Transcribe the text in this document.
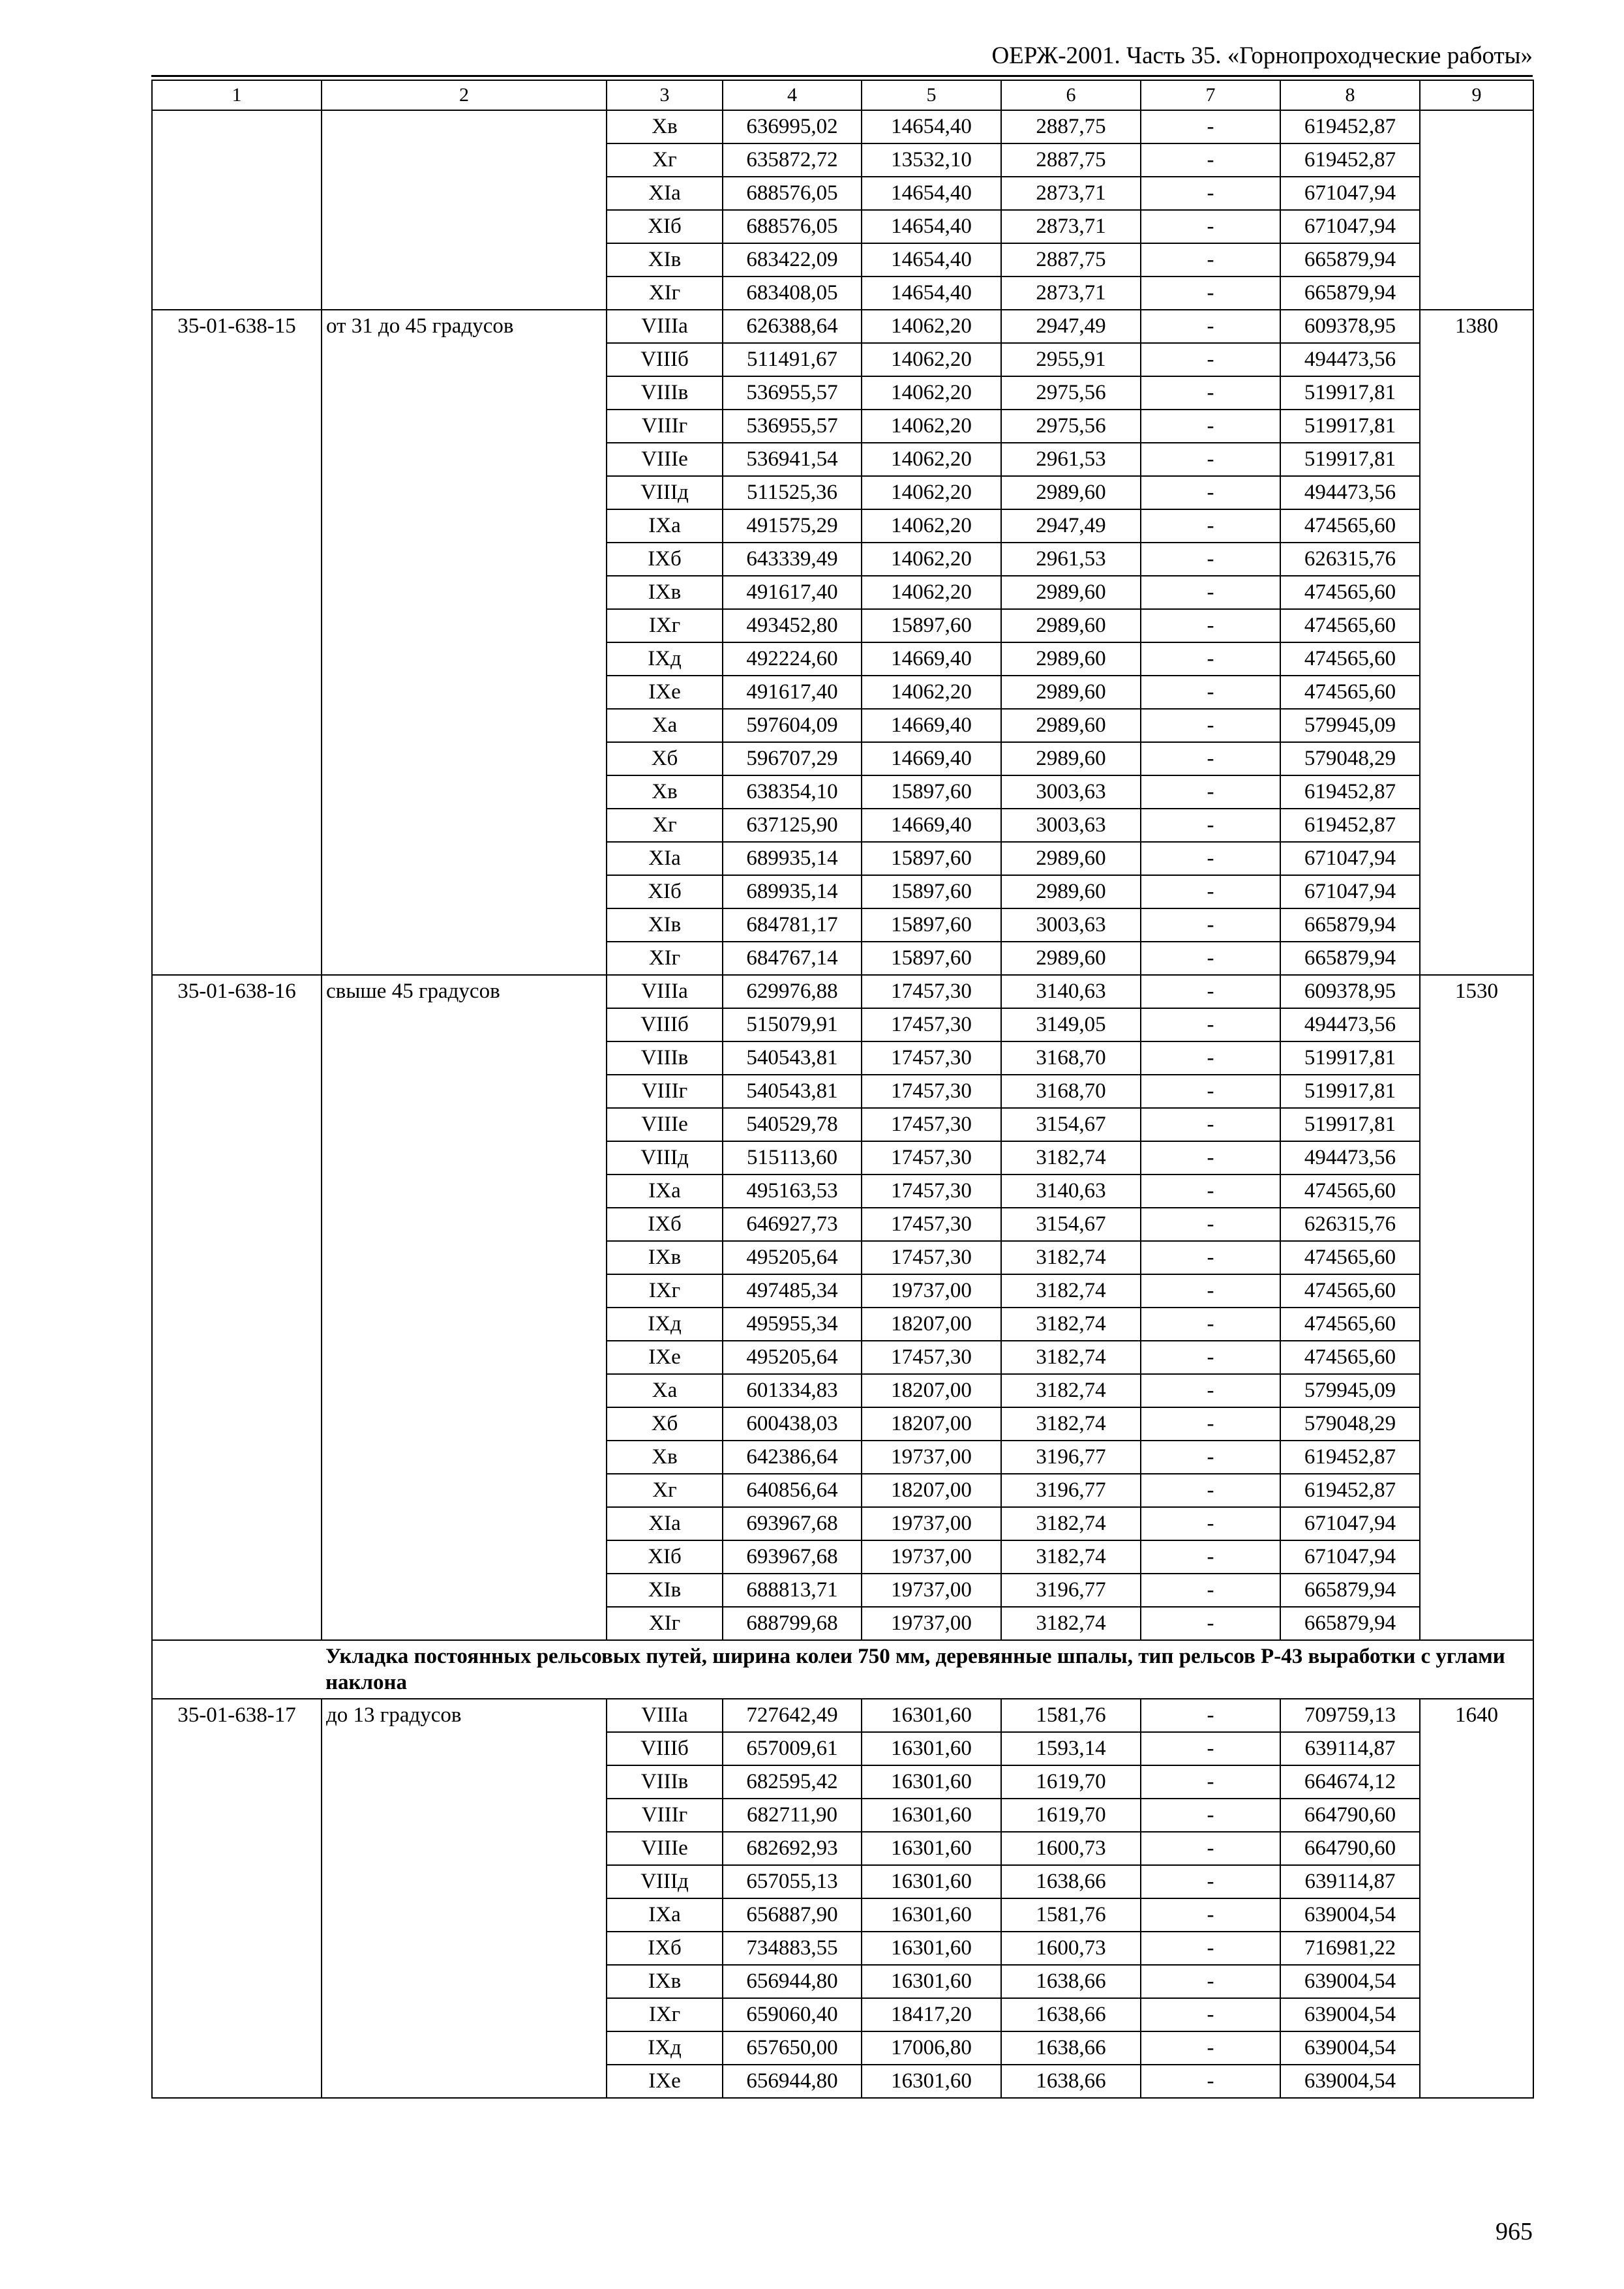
ОЕРЖ-2001. Часть 35. «Горнопроходческие работы»
1	2	3	4	5	6	7	8	9
		Хв	636995,02	14654,40	2887,75	-	619452,87	
		Хг	635872,72	13532,10	2887,75	-	619452,87	
		ХIа	688576,05	14654,40	2873,71	-	671047,94	
		ХIб	688576,05	14654,40	2873,71	-	671047,94	
		ХIв	683422,09	14654,40	2887,75	-	665879,94	
		ХIг	683408,05	14654,40	2873,71	-	665879,94	
35-01-638-15	от 31 до 45 градусов	VIIIа	626388,64	14062,20	2947,49	-	609378,95	1380
		VIIIб	511491,67	14062,20	2955,91	-	494473,56	
		VIIIв	536955,57	14062,20	2975,56	-	519917,81	
		VIIIг	536955,57	14062,20	2975,56	-	519917,81	
		VIIIе	536941,54	14062,20	2961,53	-	519917,81	
		VIIIд	511525,36	14062,20	2989,60	-	494473,56	
		IХа	491575,29	14062,20	2947,49	-	474565,60	
		IХб	643339,49	14062,20	2961,53	-	626315,76	
		IХв	491617,40	14062,20	2989,60	-	474565,60	
		IХг	493452,80	15897,60	2989,60	-	474565,60	
		IХд	492224,60	14669,40	2989,60	-	474565,60	
		IХе	491617,40	14062,20	2989,60	-	474565,60	
		Ха	597604,09	14669,40	2989,60	-	579945,09	
		Хб	596707,29	14669,40	2989,60	-	579048,29	
		Хв	638354,10	15897,60	3003,63	-	619452,87	
		Хг	637125,90	14669,40	3003,63	-	619452,87	
		ХIа	689935,14	15897,60	2989,60	-	671047,94	
		ХIб	689935,14	15897,60	2989,60	-	671047,94	
		ХIв	684781,17	15897,60	3003,63	-	665879,94	
		ХIг	684767,14	15897,60	2989,60	-	665879,94	
35-01-638-16	свыше 45 градусов	VIIIа	629976,88	17457,30	3140,63	-	609378,95	1530
		VIIIб	515079,91	17457,30	3149,05	-	494473,56	
		VIIIв	540543,81	17457,30	3168,70	-	519917,81	
		VIIIг	540543,81	17457,30	3168,70	-	519917,81	
		VIIIе	540529,78	17457,30	3154,67	-	519917,81	
		VIIIд	515113,60	17457,30	3182,74	-	494473,56	
		IХа	495163,53	17457,30	3140,63	-	474565,60	
		IХб	646927,73	17457,30	3154,67	-	626315,76	
		IХв	495205,64	17457,30	3182,74	-	474565,60	
		IХг	497485,34	19737,00	3182,74	-	474565,60	
		IХд	495955,34	18207,00	3182,74	-	474565,60	
		IХе	495205,64	17457,30	3182,74	-	474565,60	
		Ха	601334,83	18207,00	3182,74	-	579945,09	
		Хб	600438,03	18207,00	3182,74	-	579048,29	
		Хв	642386,64	19737,00	3196,77	-	619452,87	
		Хг	640856,64	18207,00	3196,77	-	619452,87	
		ХIа	693967,68	19737,00	3182,74	-	671047,94	
		ХIб	693967,68	19737,00	3182,74	-	671047,94	
		ХIв	688813,71	19737,00	3196,77	-	665879,94	
		ХIг	688799,68	19737,00	3182,74	-	665879,94	
	Укладка постоянных рельсовых путей, ширина колеи 750 мм, деревянные шпалы, тип рельсов Р-43 выработки с углами наклона							
35-01-638-17	до 13 градусов	VIIIа	727642,49	16301,60	1581,76	-	709759,13	1640
		VIIIб	657009,61	16301,60	1593,14	-	639114,87	
		VIIIв	682595,42	16301,60	1619,70	-	664674,12	
		VIIIг	682711,90	16301,60	1619,70	-	664790,60	
		VIIIе	682692,93	16301,60	1600,73	-	664790,60	
		VIIIд	657055,13	16301,60	1638,66	-	639114,87	
		IХа	656887,90	16301,60	1581,76	-	639004,54	
		IХб	734883,55	16301,60	1600,73	-	716981,22	
		IХв	656944,80	16301,60	1638,66	-	639004,54	
		IХг	659060,40	18417,20	1638,66	-	639004,54	
		IХд	657650,00	17006,80	1638,66	-	639004,54	
		IХе	656944,80	16301,60	1638,66	-	639004,54	
965
